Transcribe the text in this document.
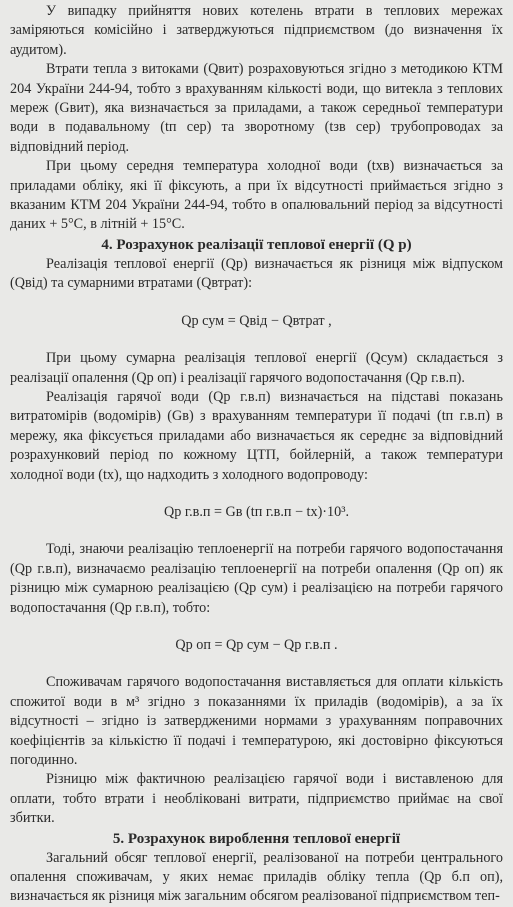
У випадку прийняття нових котелень втрати в теплових мережах заміряються комісійно і затверджуються підприємством (до визначення їх аудитом).

Втрати тепла з витоками (Qвит) розраховуються згідно з методикою КТМ 204 України 244-94, тобто з врахуванням кількості води, що витекла з теплових мереж (Gвит), яка визначається за приладами, а також середньої температури води в подавальному (tп сер) та зворотному (tзв сер) трубопроводах за відповідний період.

При цьому середня температура холодної води (tхв) визначається за приладами обліку, які її фіксують, а при їх відсутності приймається згідно з вказаним КТМ 204 України 244-94, тобто в опалювальний період за відсутності даних + 5°С, в літній + 15°С.

4. Розрахунок реалізації теплової енергії (Q р)

Реалізація теплової енергії (Qр) визначається як різниця між відпуском (Qвід) та сумарними втратами (Qвтрат):

Qр сум = Qвід − Qвтрат ,

При цьому сумарна реалізація теплової енергії (Qсум) складається з реалізації опалення (Qр оп) і реалізації гарячого водопостачання (Qр г.в.п).

Реалізація гарячої води (Qр г.в.п) визначається на підставі показань витратомірів (водомірів) (Gв) з врахуванням температури її подачі (tп г.в.п) в мережу, яка фіксується приладами або визначається як середнє за відповідний розрахунковий період по кожному ЦТП, бойлерній, а також температури холодної води (tх), що надходить з холодного водопроводу:

Qр г.в.п = Gв (tп г.в.п − tх)·10³.

Тоді, знаючи реалізацію теплоенергії на потреби гарячого водопостачання (Qр г.в.п), визначаємо реалізацію теплоенергії на потреби опалення (Qр оп) як різницю між сумарною реалізацією (Qр сум) і реалізацією на потреби гарячого водопостачання (Qр г.в.п), тобто:

Qр оп = Qр сум − Qр г.в.п .

Споживачам гарячого водопостачання виставляється для оплати кількість спожитої води в м³ згідно з показаннями їх приладів (водомірів), а за їх відсутності – згідно із затвердженими нормами з урахуванням поправочних коефіцієнтів за кількістю її подачі і температурою, які достовірно фіксуються погодинно.

Різницю між фактичною реалізацією гарячої води і виставленою для оплати, тобто втрати і необліковані витрати, підприємство приймає на свої збитки.

5. Розрахунок вироблення теплової енергії

Загальний обсяг теплової енергії, реалізованої на потреби центрального опалення споживачам, у яких немає приладів обліку тепла (Qр б.п оп), визначається як різниця між загальним обсягом реалізованої підприємством теп-
